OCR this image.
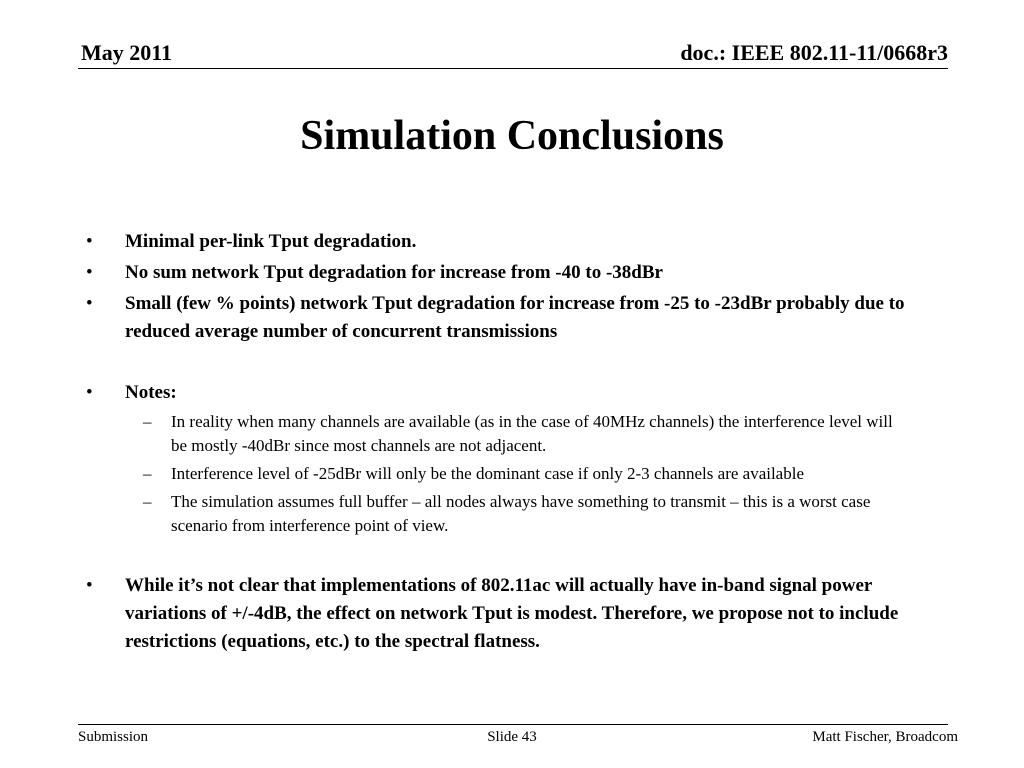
May 2011	doc.: IEEE 802.11-11/0668r3
Simulation Conclusions
•	Minimal per-link Tput degradation.
•	No sum network Tput degradation for increase from -40 to -38dBr
•	Small (few % points) network Tput degradation for increase from -25 to -23dBr probably due to reduced average number of concurrent transmissions
•	Notes:
–	In reality when many channels are available (as in the case of 40MHz channels) the interference level will be mostly -40dBr since most channels are not adjacent.
–	Interference level of -25dBr will only be the dominant case if only 2-3 channels are available
–	The simulation assumes full buffer – all nodes always have something to transmit – this is a worst case scenario from interference point of view.
•	While it’s not clear that implementations of 802.11ac will actually have in-band signal power variations of +/-4dB, the effect on network Tput is modest. Therefore, we propose not to include restrictions (equations, etc.) to the spectral flatness.
Submission	Slide 43	Matt Fischer, Broadcom
